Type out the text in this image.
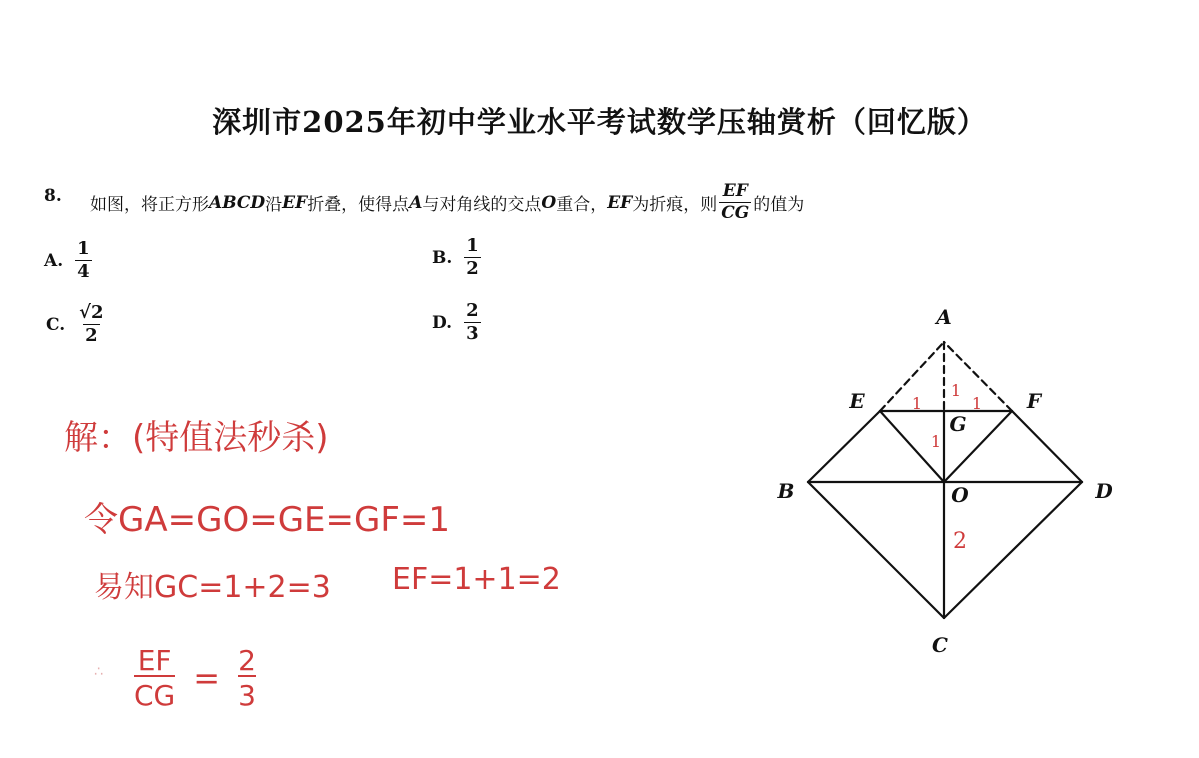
深圳市2025年初中学业水平考试数学压轴赏析（回忆版）
8. 如图，将正方形 ABCD 沿 EF 折叠，使得点 A 与对角线的交点 O 重合， EF 为折痕，则 $\frac{EF}{CG}$ 的值为
A. $\frac{1}{4}$	B. $\frac{1}{2}$
C. $\frac{√2}{2}$	D. $\frac{2}{3}$
解：(特值法秒杀)
令GA=GO=GE=GF=1
易知GC=1+2=3 EF=1+1=2
∴ $\frac{EF}{CG} = \frac{2}{3}$
A
E	F
G
B	D
O
C
1
1	1
1
2
